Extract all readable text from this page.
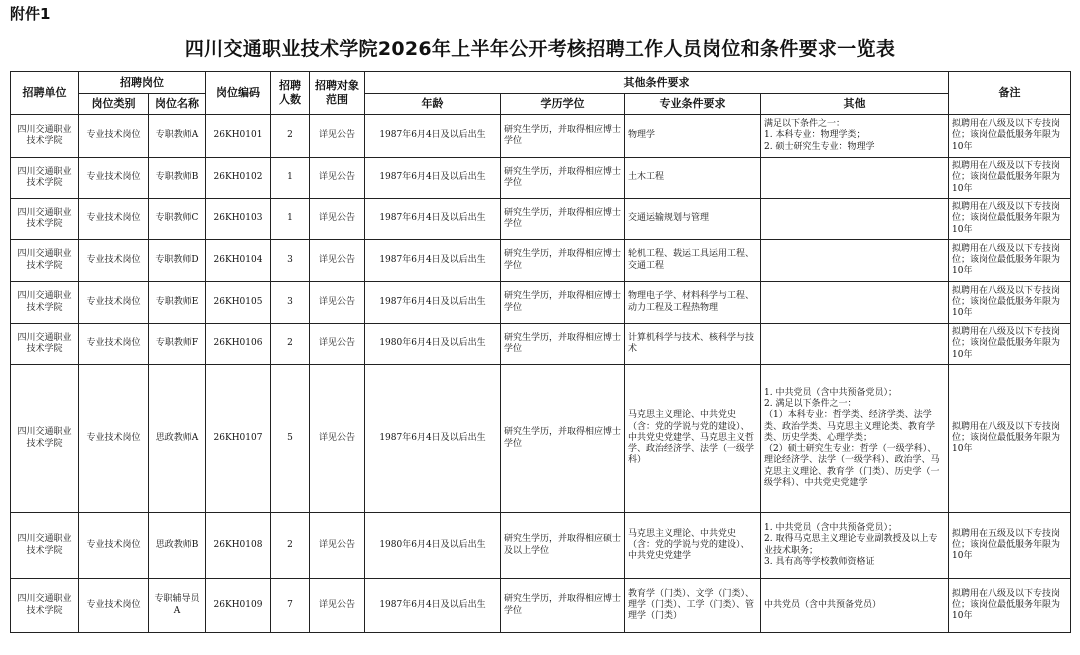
附件1
四川交通职业技术学院2026年上半年公开考核招聘工作人员岗位和条件要求一览表
招聘单位	招聘岗位		岗位编码	招聘人数	招聘对象范围	其他条件要求				备注
	岗位类别	岗位名称				年龄	学历学位	专业条件要求	其他	
四川交通职业技术学院	专业技术岗位	专职教师A	26KH0101	2	详见公告	1987年6月4日及以后出生	研究生学历，并取得相应博士学位	物理学	满足以下条件之一：
1. 本科专业：物理学类；
2. 硕士研究生专业：物理学	拟聘用在八级及以下专技岗位；该岗位最低服务年限为10年
四川交通职业技术学院	专业技术岗位	专职教师B	26KH0102	1	详见公告	1987年6月4日及以后出生	研究生学历，并取得相应博士学位	土木工程		拟聘用在八级及以下专技岗位；该岗位最低服务年限为10年
四川交通职业技术学院	专业技术岗位	专职教师C	26KH0103	1	详见公告	1987年6月4日及以后出生	研究生学历，并取得相应博士学位	交通运输规划与管理		拟聘用在八级及以下专技岗位；该岗位最低服务年限为10年
四川交通职业技术学院	专业技术岗位	专职教师D	26KH0104	3	详见公告	1987年6月4日及以后出生	研究生学历，并取得相应博士学位	轮机工程、载运工具运用工程、交通工程		拟聘用在八级及以下专技岗位；该岗位最低服务年限为10年
四川交通职业技术学院	专业技术岗位	专职教师E	26KH0105	3	详见公告	1987年6月4日及以后出生	研究生学历，并取得相应博士学位	物理电子学、材料科学与工程、动力工程及工程热物理		拟聘用在八级及以下专技岗位；该岗位最低服务年限为10年
四川交通职业技术学院	专业技术岗位	专职教师F	26KH0106	2	详见公告	1980年6月4日及以后出生	研究生学历，并取得相应博士学位	计算机科学与技术、核科学与技术		拟聘用在八级及以下专技岗位；该岗位最低服务年限为10年
四川交通职业技术学院	专业技术岗位	思政教师A	26KH0107	5	详见公告	1987年6月4日及以后出生	研究生学历，并取得相应博士学位	马克思主义理论、中共党史（含：党的学说与党的建设）、中共党史党建学、马克思主义哲学、政治经济学、法学（一级学科）	1. 中共党员（含中共预备党员）；
2. 满足以下条件之一：
（1）本科专业：哲学类、经济学类、法学类、政治学类、马克思主义理论类、教育学类、历史学类、心理学类；
（2）硕士研究生专业：哲学（一级学科）、理论经济学、法学（一级学科）、政治学、马克思主义理论、教育学（门类）、历史学（一级学科）、中共党史党建学	拟聘用在八级及以下专技岗位；该岗位最低服务年限为10年
四川交通职业技术学院	专业技术岗位	思政教师B	26KH0108	2	详见公告	1980年6月4日及以后出生	研究生学历，并取得相应硕士及以上学位	马克思主义理论、中共党史（含：党的学说与党的建设）、中共党史党建学	1. 中共党员（含中共预备党员）；
2. 取得马克思主义理论专业副教授及以上专业技术职务；
3. 具有高等学校教师资格证	拟聘用在五级及以下专技岗位；该岗位最低服务年限为10年
四川交通职业技术学院	专业技术岗位	专职辅导员A	26KH0109	7	详见公告	1987年6月4日及以后出生	研究生学历，并取得相应博士学位	教育学（门类）、文学（门类）、理学（门类）、工学（门类）、管理学（门类）	中共党员（含中共预备党员）	拟聘用在八级及以下专技岗位；该岗位最低服务年限为10年
